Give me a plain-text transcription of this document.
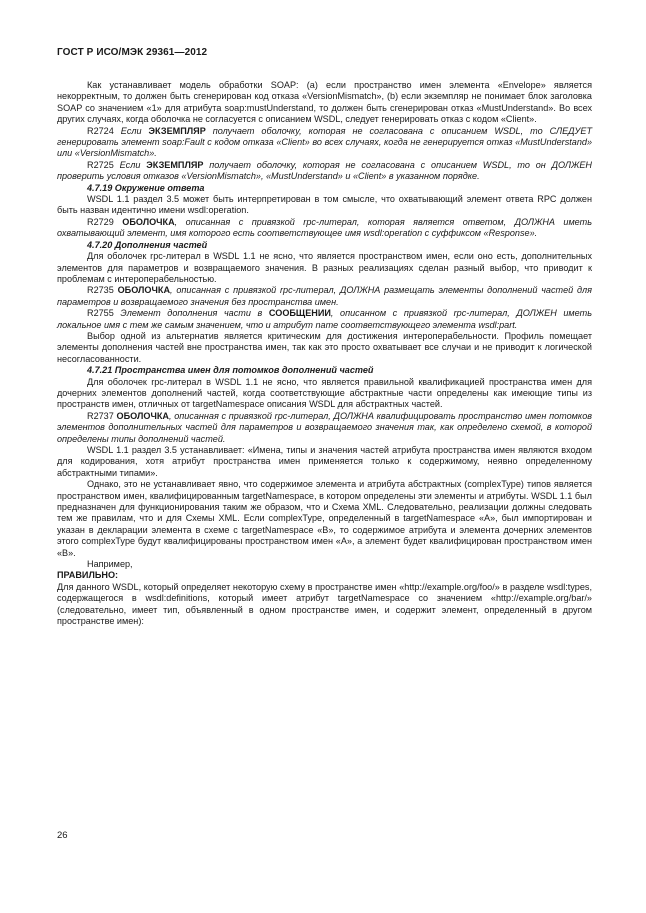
ГОСТ Р ИСО/МЭК 29361—2012

Как устанавливает модель обработки SOAP: (а) если пространство имен элемента «Envelope» является некорректным, то должен быть сгенерирован код отказа «VersionMismatch», (b) если экземпляр не понимает блок заголовка SOAP со значением «1» для атрибута soap:mustUnderstand, то должен быть сгенерирован отказ «MustUnderstand». Во всех других случаях, когда оболочка не согласуется с описанием WSDL, следует генерировать отказ с кодом «Client».

R2724 Если ЭКЗЕМПЛЯР получает оболочку, которая не согласована с описанием WSDL, то СЛЕДУЕТ генерировать элемент soap:Fault с кодом отказа «Client» во всех случаях, когда не генерируется отказ «MustUnderstand» или «VersionMismatch».

R2725 Если ЭКЗЕМПЛЯР получает оболочку, которая не согласована с описанием WSDL, то он ДОЛЖЕН проверить условия отказов «VersionMismatch», «MustUnderstand» и «Client» в указанном порядке.

4.7.19 Окружение ответа

WSDL 1.1 раздел 3.5 может быть интерпретирован в том смысле, что охватывающий элемент ответа RPC должен быть назван идентично имени wsdl:operation.

R2729 ОБОЛОЧКА, описанная с привязкой rpc-литерал, которая является ответом, ДОЛЖНА иметь охватывающий элемент, имя которого есть соответствующее имя wsdl:operation с суффиксом «Response».

4.7.20 Дополнения частей

Для оболочек rpc-литерал в WSDL 1.1 не ясно, что является пространством имен, если оно есть, дополнительных элементов для параметров и возвращаемого значения. В разных реализациях сделан разный выбор, что приводит к проблемам с интероперабельностью.

R2735 ОБОЛОЧКА, описанная с привязкой rpc-литерал, ДОЛЖНА размещать элементы дополнений частей для параметров и возвращаемого значения без пространства имен.

R2755 Элемент дополнения части в СООБЩЕНИИ, описанном с привязкой rpc-литерал, ДОЛЖЕН иметь локальное имя с тем же самым значением, что и атрибут name соответствующего элемента wsdl:part.

Выбор одной из альтернатив является критическим для достижения интероперабельности. Профиль помещает элементы дополнения частей вне пространства имен, так как это просто охватывает все случаи и не приводит к логической несогласованности.

4.7.21 Пространства имен для потомков дополнений частей

Для оболочек rpc-литерал в WSDL 1.1 не ясно, что является правильной квалификацией пространства имен для дочерних элементов дополнений частей, когда соответствующие абстрактные части определены как имеющие типы из пространств имен, отличных от targetNamespace описания WSDL для абстрактных частей.

R2737 ОБОЛОЧКА, описанная с привязкой rpc-литерал, ДОЛЖНА квалифицировать пространство имен потомков элементов дополнительных частей для параметров и возвращаемого значения так, как определено схемой, в которой определены типы дополнений частей.

WSDL 1.1 раздел 3.5 устанавливает: «Имена, типы и значения частей атрибута пространства имен являются входом для кодирования, хотя атрибут пространства имен применяется только к содержимому, неявно определенному абстрактными типами».

Однако, это не устанавливает явно, что содержимое элемента и атрибута абстрактных (complexType) типов является пространством имен, квалифицированным targetNamespace, в котором определены эти элементы и атрибуты. WSDL 1.1 был предназначен для функционирования таким же образом, что и Схема XML. Следовательно, реализации должны следовать тем же правилам, что и для Схемы XML. Если complexType, определенный в targetNamespace «A», был импортирован и указан в декларации элемента в схеме с targetNamespace «B», то содержимое атрибута и элемента дочерних элементов этого complexType будут квалифицированы пространством имен «A», а элемент будет квалифицирован пространством имен «B».

Например,

ПРАВИЛЬНО:

Для данного WSDL, который определяет некоторую схему в пространстве имен «http://example.org/foo/» в разделе wsdl:types, содержащегося в wsdl:definitions, который имеет атрибут targetNamespace со значением «http://example.org/bar/» (следовательно, имеет тип, объявленный в одном пространстве имен, и содержит элемент, определенный в другом пространстве имен):

26
